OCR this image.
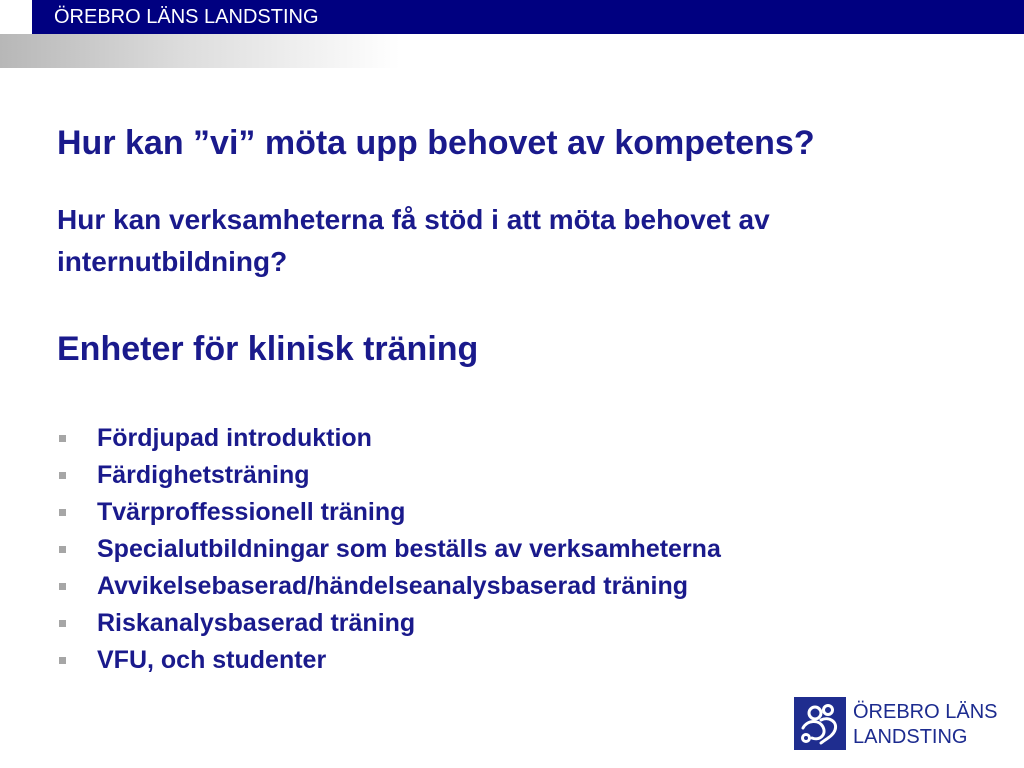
ÖREBRO LÄNS LANDSTING
Hur kan ”vi” möta upp behovet av kompetens?
Hur kan verksamheterna få stöd i att möta behovet av
internutbildning?
Enheter för klinisk träning
Fördjupad introduktion
Färdighetsträning
Tvärproffessionell träning
Specialutbildningar som beställs av verksamheterna
Avvikelsebaserad/händelseanalysbaserad träning
Riskanalysbaserad träning
VFU, och studenter
ÖREBRO LÄNS
LANDSTING
